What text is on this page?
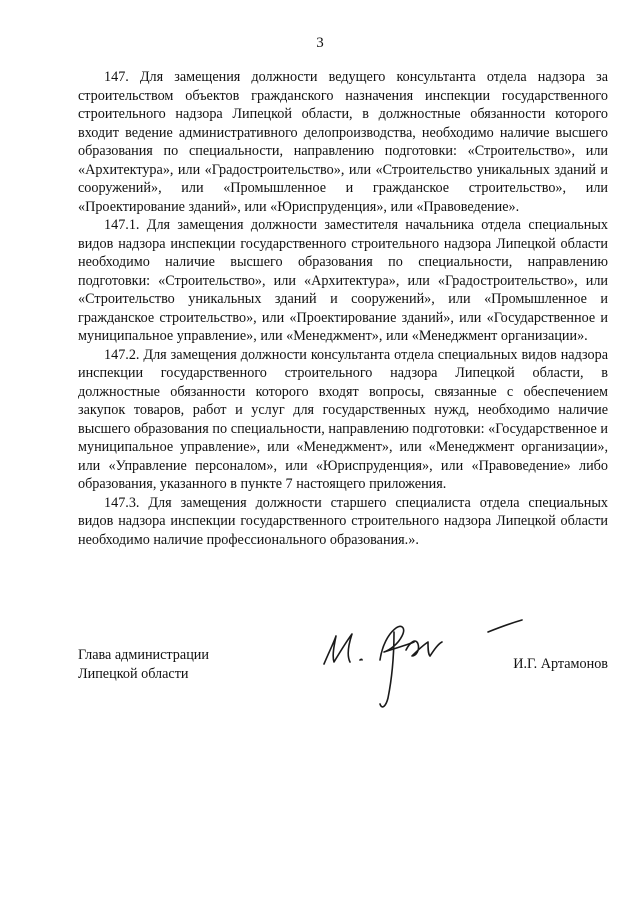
3

147. Для замещения должности ведущего консультанта отдела надзора за строительством объектов гражданского назначения инспекции государственного строительного надзора Липецкой области, в должностные обязанности которого входит ведение административного делопроизводства, необходимо наличие высшего образования по специальности, направлению подготовки: «Строительство», или «Архитектура», или «Градостроительство», или «Строительство уникальных зданий и сооружений», или «Промышленное и гражданское строительство», или «Проектирование зданий», или «Юриспруденция», или «Правоведение».

147.1. Для замещения должности заместителя начальника отдела специальных видов надзора инспекции государственного строительного надзора Липецкой области необходимо наличие высшего образования по специальности, направлению подготовки: «Строительство», или «Архитектура», или «Градостроительство», или «Строительство уникальных зданий и сооружений», или «Промышленное и гражданское строительство», или «Проектирование зданий», или «Государственное и муниципальное управление», или «Менеджмент», или «Менеджмент организации».

147.2. Для замещения должности консультанта отдела специальных видов надзора инспекции государственного строительного надзора Липецкой области, в должностные обязанности которого входят вопросы, связанные с обеспечением закупок товаров, работ и услуг для государственных нужд, необходимо наличие высшего образования по специальности, направлению подготовки: «Государственное и муниципальное управление», или «Менеджмент», или «Менеджмент организации», или «Управление персоналом», или «Юриспруденция», или «Правоведение» либо образования, указанного в пункте 7 настоящего приложения.

147.3. Для замещения должности старшего специалиста отдела специальных видов надзора инспекции государственного строительного надзора Липецкой области необходимо наличие профессионального образования.».

Глава администрации
Липецкой области
И.Г. Артамонов
